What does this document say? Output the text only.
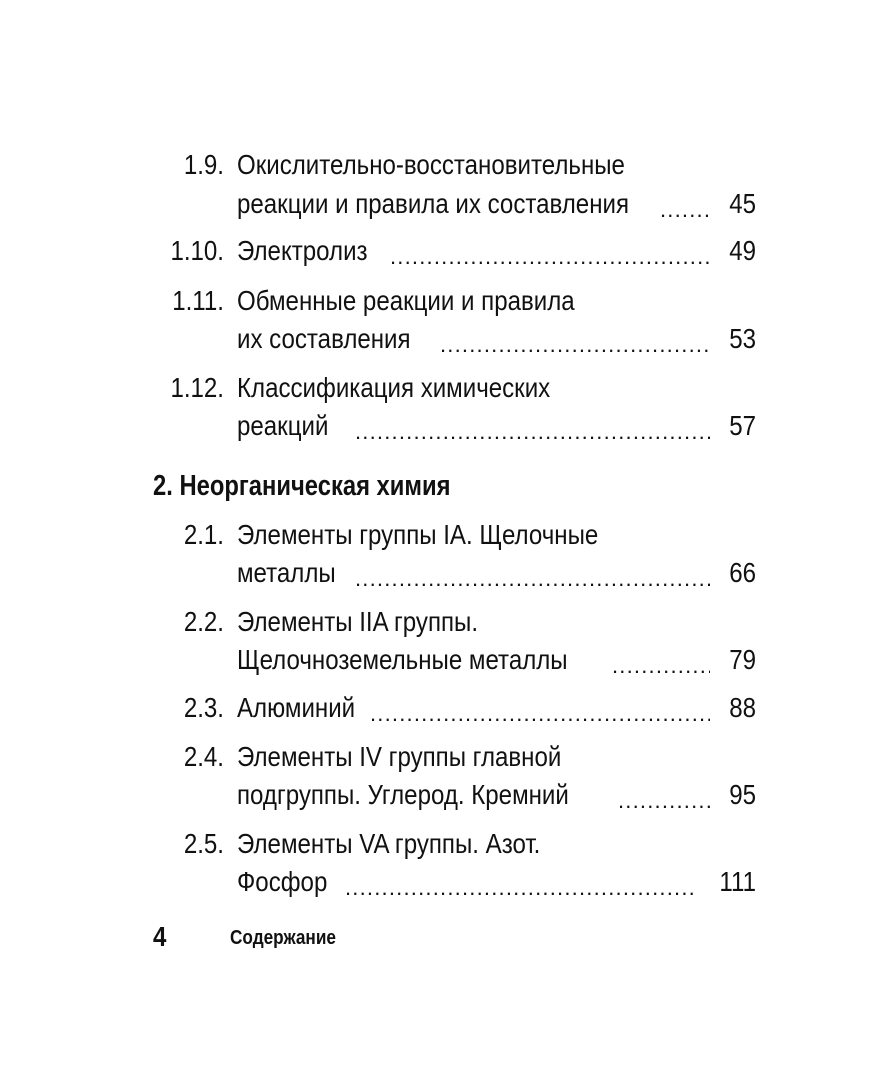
1.9. Окислительно-восстановительные
реакции и правила их составления .....	45
1.10. Электролиз .....	49
1.11. Обменные реакции и правила
их составления .....	53
1.12. Классификация химических
реакций .....	57
2. Неорганическая химия
2.1. Элементы группы IA. Щелочные
металлы .....	66
2.2. Элементы IIA группы.
Щелочноземельные металлы .....	79
2.3. Алюминий .....	88
2.4. Элементы IV группы главной
подгруппы. Углерод. Кремний .....	95
2.5. Элементы VA группы. Азот.
Фосфор .....	111
4	Содержание
